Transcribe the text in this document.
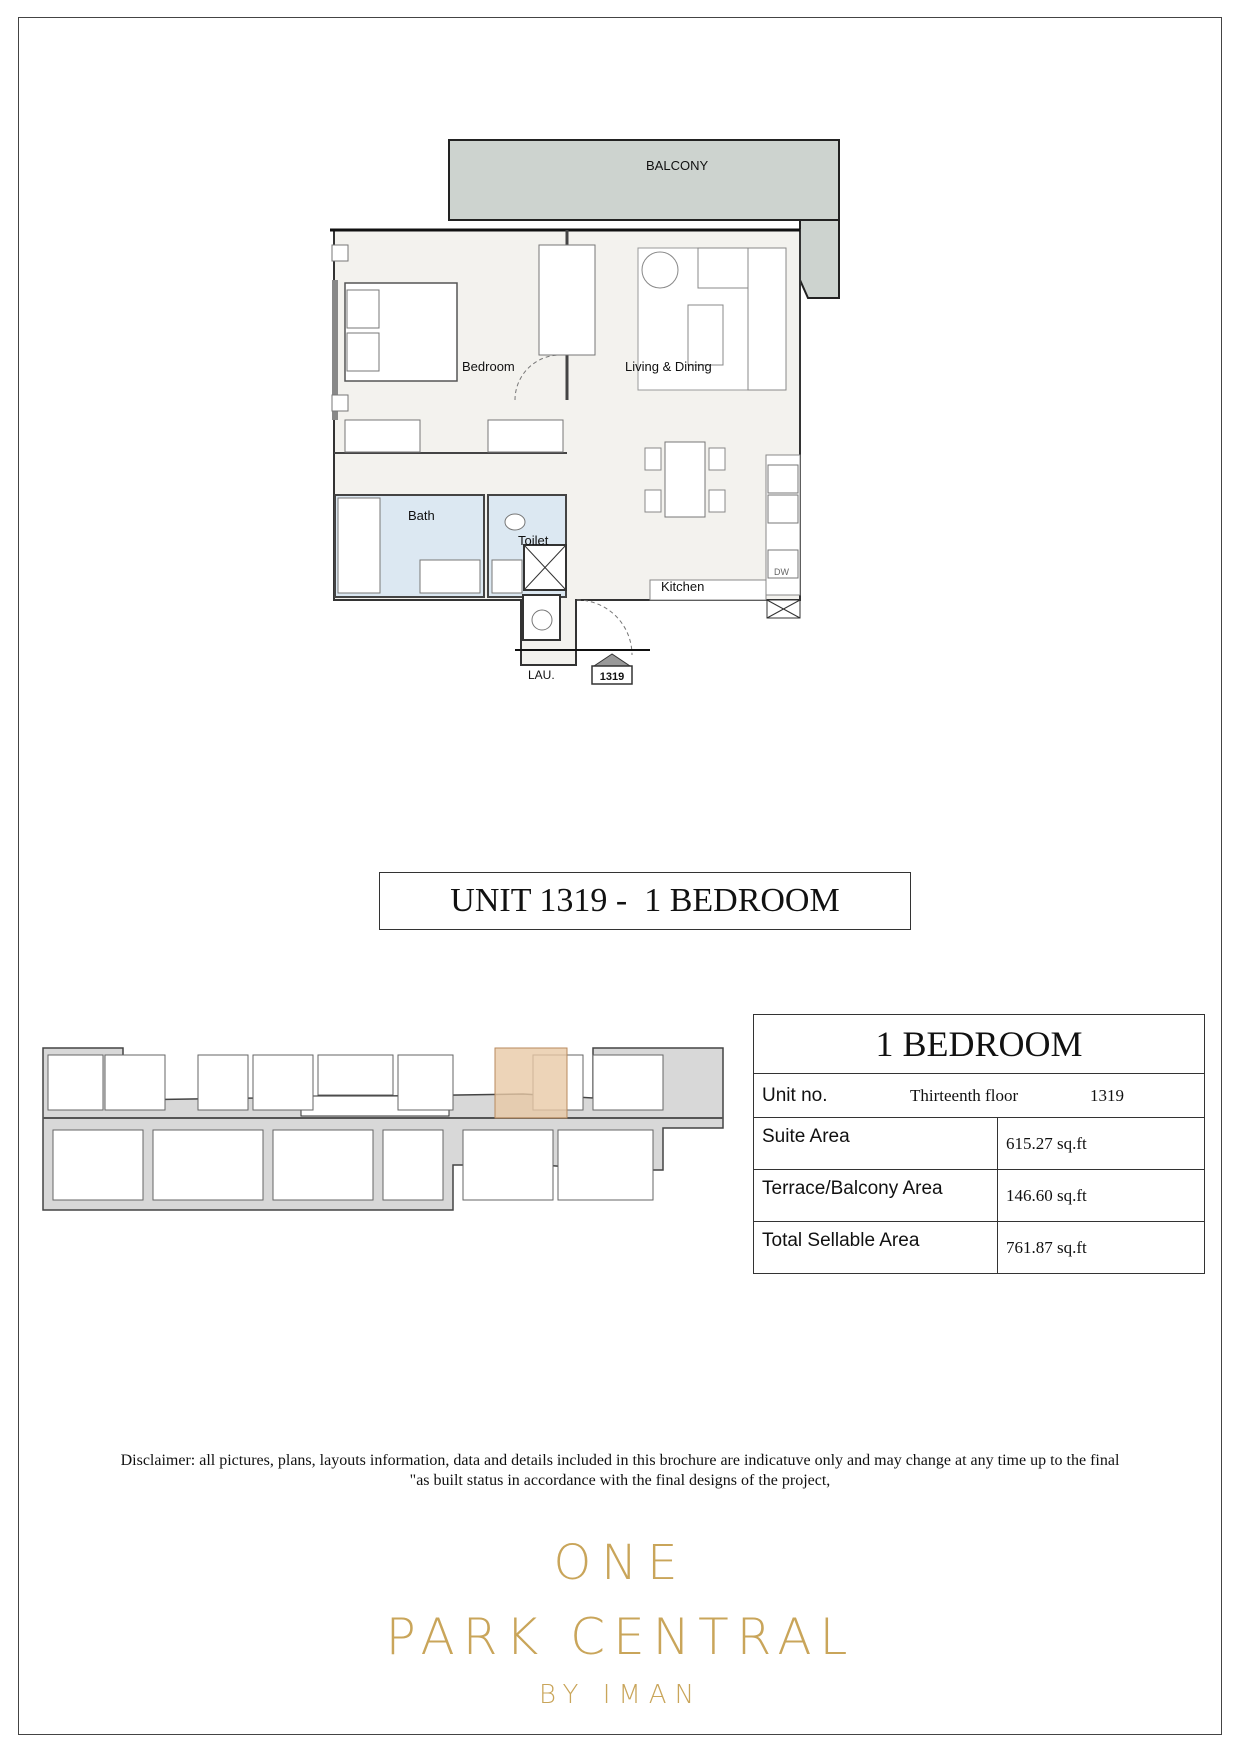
1319
BALCONY
Bedroom	Living & Dining
Bath
Toilet
Kitchen
LAU.
DW
UNIT 1319 -  1 BEDROOM
1 BEDROOM	

Unit no. Thirteenth floor 1319	

Suite Area	615.27 sq.ft
Terrace/Balcony Area	146.60 sq.ft
Total Sellable Area	761.87 sq.ft
Disclaimer: all pictures, plans, layouts information, data and details included in this brochure are indicatuve only and may change at any time up to the final
"as built status in accordance with the final designs of the project,
ONE
PARK CENTRAL
BY IMAN
